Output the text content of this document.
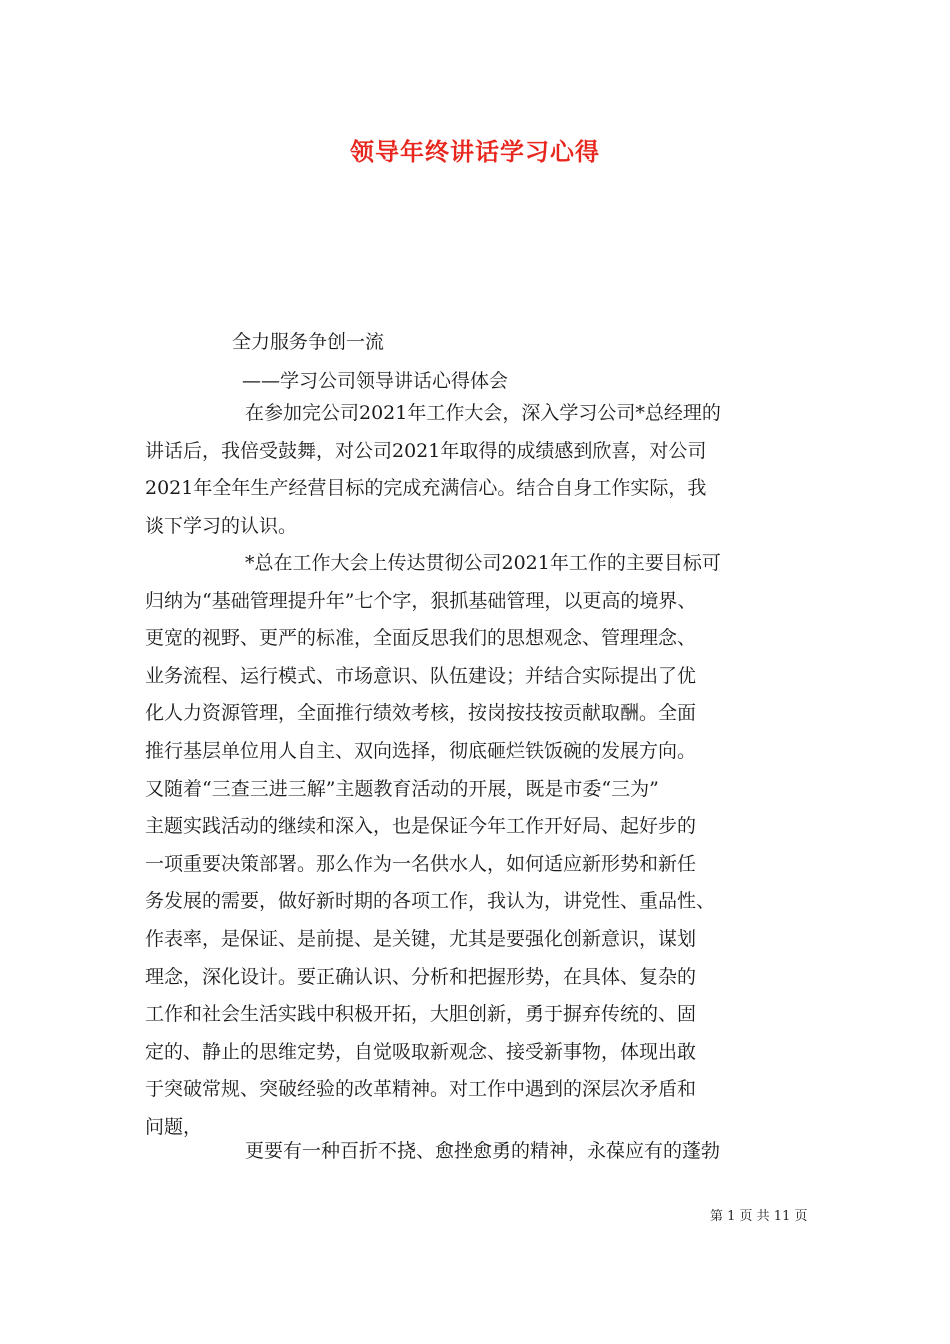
领导年终讲话学习心得
全力服务争创一流
——学习公司领导讲话心得体会
在参加完公司2021年工作大会，深入学习公司*总经理的
讲话后，我倍受鼓舞，对公司2021年取得的成绩感到欣喜，对公司
2021年全年生产经营目标的完成充满信心。结合自身工作实际，我
谈下学习的认识。
*总在工作大会上传达贯彻公司2021年工作的主要目标可
归纳为“基础管理提升年”七个字，狠抓基础管理，以更高的境界、
更宽的视野、更严的标准，全面反思我们的思想观念、管理理念、
业务流程、运行模式、市场意识、队伍建设；并结合实际提出了优
化人力资源管理，全面推行绩效考核，按岗按技按贡献取酬。全面
推行基层单位用人自主、双向选择，彻底砸烂铁饭碗的发展方向。
又随着“三查三进三解”主题教育活动的开展，既是市委“三为”
主题实践活动的继续和深入，也是保证今年工作开好局、起好步的
一项重要决策部署。那么作为一名供水人，如何适应新形势和新任
务发展的需要，做好新时期的各项工作，我认为，讲党性、重品性、
作表率，是保证、是前提、是关键，尤其是要强化创新意识，谋划
理念，深化设计。要正确认识、分析和把握形势，在具体、复杂的
工作和社会生活实践中积极开拓，大胆创新，勇于摒弃传统的、固
定的、静止的思维定势，自觉吸取新观念、接受新事物，体现出敢
于突破常规、突破经验的改革精神。对工作中遇到的深层次矛盾和
问题，
更要有一种百折不挠、愈挫愈勇的精神，永葆应有的蓬勃
第 1 页 共 11 页
